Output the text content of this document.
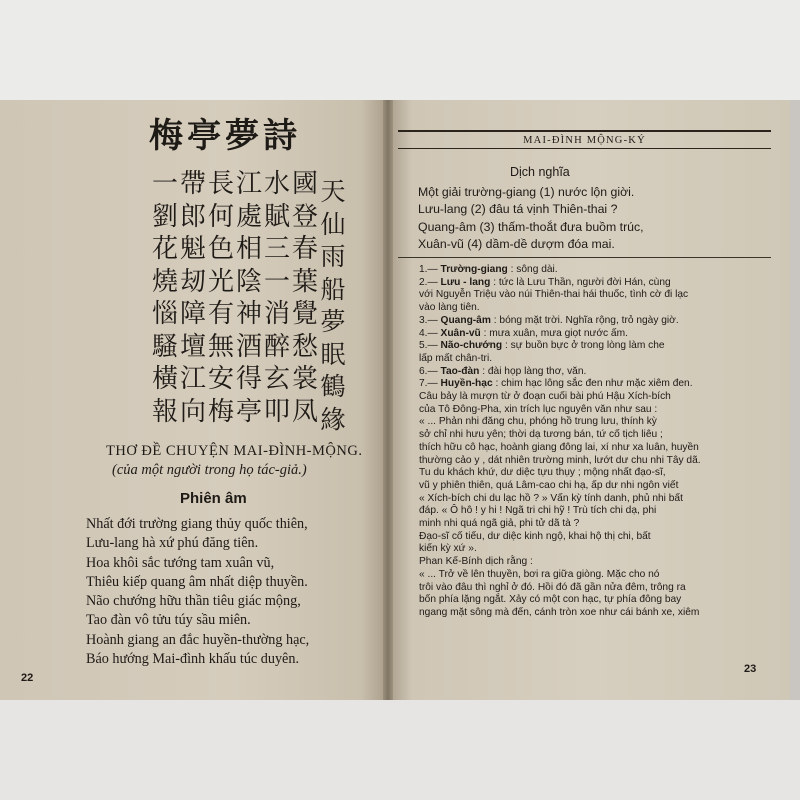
梅亭夢詩
天
仙
雨
船
夢
眠
鶴
緣
國
登
春
葉
覺
愁
裳
凤
水
賦
三
一
消
醉
玄
叩
江
處
相
陰
神
酒
得
亭
長
何
色
光
有
無
安
梅
帶
郎
魁
刼
障
壇
江
向
一
劉
花
燒
惱
騷
橫
報
THƠ ĐỀ CHUYỆN MAI-ĐÌNH-MỘNG.
(của một người trong họ tác-giả.)
Phiên âm
Nhất đới trường giang thủy quốc thiên,
Lưu-lang hà xứ phú đăng tiên.
Hoa khôi sắc tướng tam xuân vũ,
Thiêu kiếp quang âm nhất diệp thuyền.
Não chướng hữu thần tiêu giác mộng,
Tao đàn vô tửu túy sầu miên.
Hoành giang an đắc huyền-thường hạc,
Báo hướng Mai-đình khấu túc duyên.
22
MAI-ĐÌNH MỘNG-KÝ
Dịch nghĩa
Một giải trường-giang (1) nước lộn giời.
Lưu-lang (2) đâu tá vịnh Thiên-thai ?
Quang-âm (3) thấm-thoắt đưa buồm trúc,
Xuân-vũ (4) dầm-dề dượm đóa mai.
1.— Trường-giang : sông dài.
2.— Lưu - lang : tức là Lưu Thần, người đời Hán, cùng
với Nguyễn Triệu vào núi Thiên-thai hái thuốc, tình cờ đi lạc
vào làng tiên.
3.— Quang-âm : bóng mặt trời. Nghĩa rộng, trỏ ngày giờ.
4.— Xuân-vũ : mưa xuân, mưa giọt nước ấm.
5.— Não-chướng : sự buồn bực ở trong lòng làm che
lấp mất chân-tri.
6.— Tao-đàn : đài họp làng thơ, văn.
7.— Huyền-hạc : chim hạc lông sắc đen như mặc xiêm đen.
Câu bảy là mượn từ ở đoạn cuối bài phú Hậu Xích-bích
của Tô Đông-Pha, xin trích lục nguyên văn như sau :
« ... Phản nhi đăng chu, phóng hồ trung lưu, thính kỳ
sở chỉ nhi hưu yên; thời dạ tương bán, tứ cố tịch liêu ;
thích hữu cô hạc, hoành giang đông lai, xí như xa luân, huyền
thường cảo y , dát nhiên trường minh, lướt dư chu nhi Tây dã.
Tu du khách khứ, dư diệc tựu thụy ; mộng nhất đạo-sĩ,
vũ y phiên thiên, quá Lâm-cao chi hạ, ấp dư nhi ngôn viết
« Xích-bích chi du lạc hồ ? » Vấn kỳ tính danh, phủ nhi bất
đáp. « Ô hô ! y hi ! Ngã tri chi hỹ ! Trù tích chi dạ, phi
minh nhi quá ngã giả, phi tử dã tà ?
Đạo-sĩ cố tiếu, dư diệc kinh ngộ, khai hộ thị chi, bất
kiến kỳ xứ ».
Phan Kế-Bính dịch rằng :
« ... Trở về lên thuyền, bơi ra giữa giòng. Mặc cho nó
trôi vào đâu thì nghỉ ở đó. Hồi đó đã gần nửa đêm, trông ra
bốn phía lặng ngắt. Xảy có một con hạc, tự phía đông bay
ngang mặt sông mà đến, cánh tròn xoe như cái bánh xe, xiêm
23
